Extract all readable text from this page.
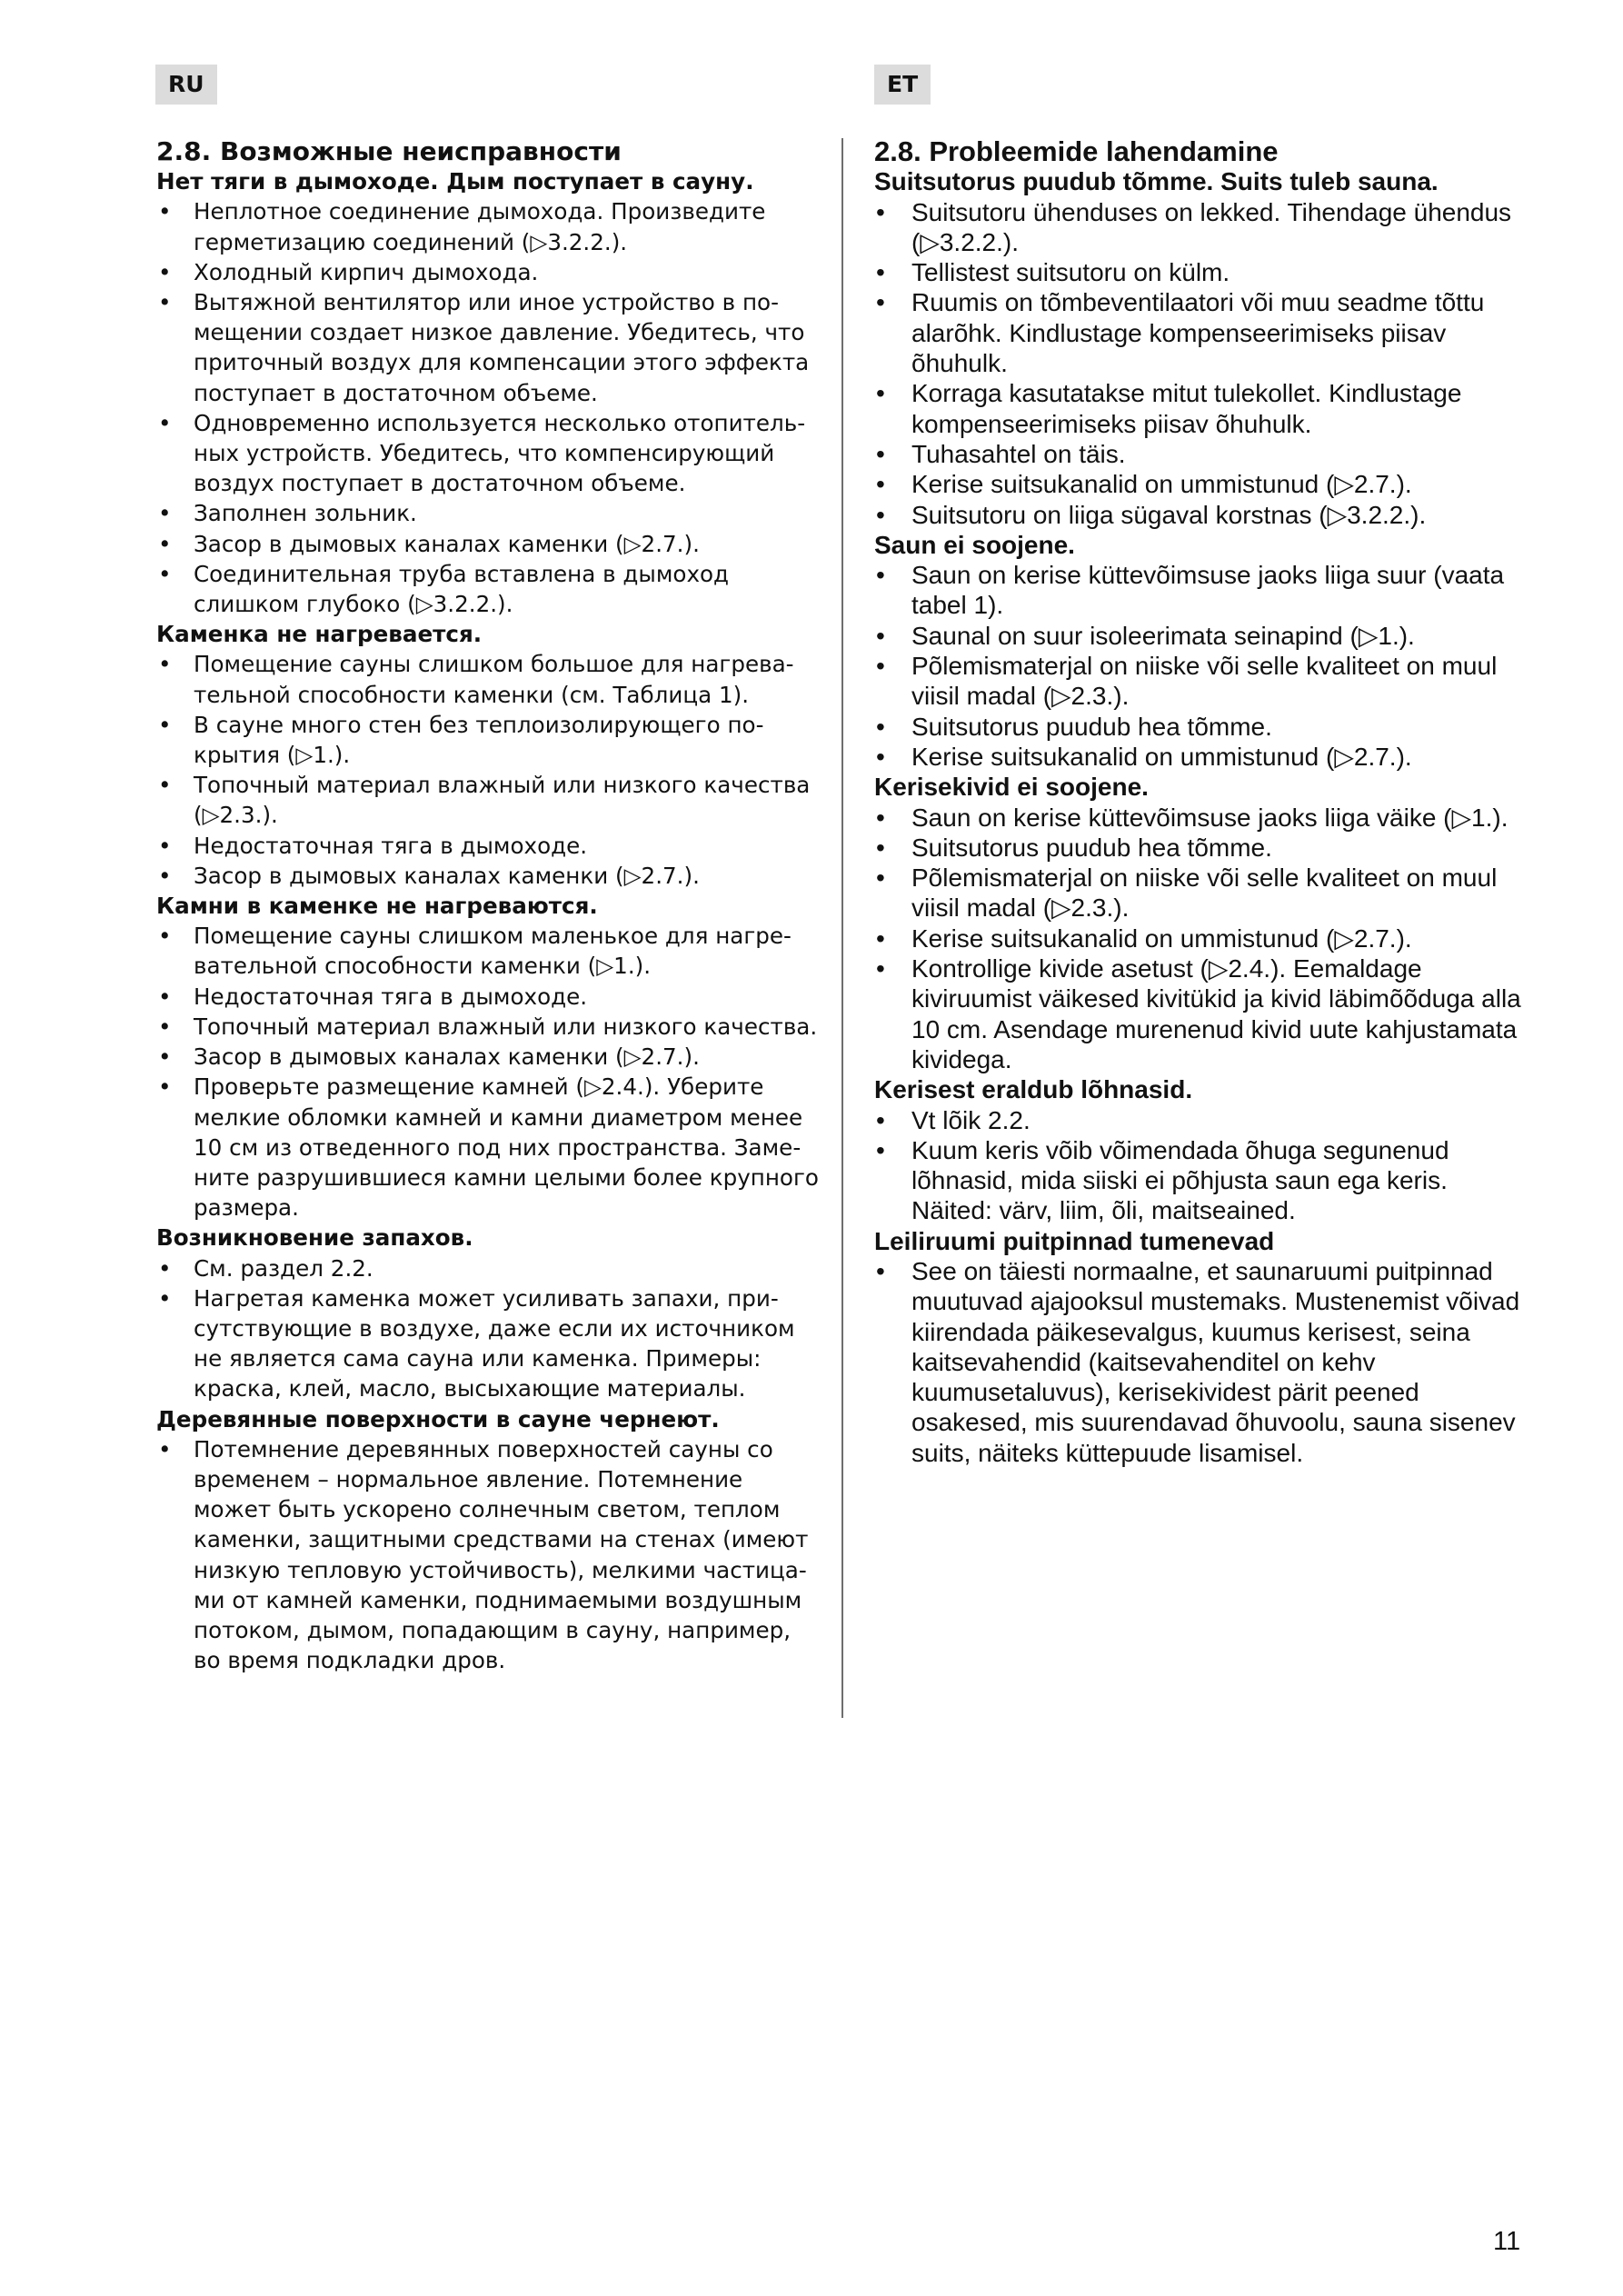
RU	ET
2.8. Возможные неисправности
Нет тяги в дымоходе. Дым поступает в сауну.
• Неплотное соединение дымохода. Произведите герметизацию соединений (▷3.2.2.).
• Холодный кирпич дымохода.
• Вытяжной вентилятор или иное устройство в помещении создает низкое давление. Убедитесь, что приточный воздух для компенсации этого эффекта поступает в достаточном объеме.
• Одновременно используется несколько отопительных устройств. Убедитесь, что компенсирующий воздух поступает в достаточном объеме.
• Заполнен зольник.
• Засор в дымовых каналах каменки (▷2.7.).
• Соединительная труба вставлена в дымоход слишком глубоко (▷3.2.2.).
Каменка не нагревается.
• Помещение сауны слишком большое для нагревательной способности каменки (см. Таблица 1).
• В сауне много стен без теплоизолирующего покрытия (▷1.).
• Топочный материал влажный или низкого качества (▷2.3.).
• Недостаточная тяга в дымоходе.
• Засор в дымовых каналах каменки (▷2.7.).
Камни в каменке не нагреваются.
• Помещение сауны слишком маленькое для нагревательной способности каменки (▷1.).
• Недостаточная тяга в дымоходе.
• Топочный материал влажный или низкого качества.
• Засор в дымовых каналах каменки (▷2.7.).
• Проверьте размещение камней (▷2.4.). Уберите мелкие обломки камней и камни диаметром менее 10 см из отведенного под них пространства. Замените разрушившиеся камни целыми более крупного размера.
Возникновение запахов.
• См. раздел 2.2.
• Нагретая каменка может усиливать запахи, присутствующие в воздухе, даже если их источником не является сама сауна или каменка. Примеры: краска, клей, масло, высыхающие материалы.
Деревянные поверхности в сауне чернеют.
• Потемнение деревянных поверхностей сауны со временем – нормальное явление. Потемнение может быть ускорено солнечным светом, теплом каменки, защитными средствами на стенах (имеют низкую тепловую устойчивость), мелкими частицами от камней каменки, поднимаемыми воздушным потоком, дымом, попадающим в сауну, например, во время подкладки дров.
2.8. Probleemide lahendamine
Suitsutorus puudub tõmme. Suits tuleb sauna.
• Suitsutoru ühenduses on lekked. Tihendage ühendus (▷3.2.2.).
• Tellistest suitsutoru on külm.
• Ruumis on tõmbeventilaatori või muu seadme tõttu alarõhk. Kindlustage kompenseerimiseks piisav õhuhulk.
• Korraga kasutatakse mitut tulekollet. Kindlustage kompenseerimiseks piisav õhuhulk.
• Tuhasahtel on täis.
• Kerise suitsukanalid on ummistunud (▷2.7.).
• Suitsutoru on liiga sügaval korstnas (▷3.2.2.).
Saun ei soojene.
• Saun on kerise küttevõimsuse jaoks liiga suur (vaata tabel 1).
• Saunal on suur isoleerimata seinapind (▷1.).
• Põlemismaterjal on niiske või selle kvaliteet on muul viisil madal (▷2.3.).
• Suitsutorus puudub hea tõmme.
• Kerise suitsukanalid on ummistunud (▷2.7.).
Kerisekivid ei soojene.
• Saun on kerise küttevõimsuse jaoks liiga väike (▷1.).
• Suitsutorus puudub hea tõmme.
• Põlemismaterjal on niiske või selle kvaliteet on muul viisil madal (▷2.3.).
• Kerise suitsukanalid on ummistunud (▷2.7.).
• Kontrollige kivide asetust (▷2.4.). Eemaldage kiviruumist väikesed kivitükid ja kivid läbimõõduga alla 10 cm. Asendage murenenud kivid uute kahjustamata kividega.
Kerisest eraldub lõhnasid.
• Vt lõik 2.2.
• Kuum keris võib võimendada õhuga segunenud lõhnasid, mida siiski ei põhjusta saun ega keris. Näited: värv, liim, õli, maitseained.
Leiliruumi puitpinnad tumenevad
• See on täiesti normaalne, et saunaruumi puitpinnad muutuvad ajajooksul mustemaks. Mustenemist võivad kiirendada päikesevalgus, kuumus kerisest, seina kaitsevahendid (kaitsevahenditel on kehv kuumusetaluvus), kerisekividest pärit peened osakesed, mis suurendavad õhuvoolu, sauna sisenev suits, näiteks küttepuude lisamisel.
11
